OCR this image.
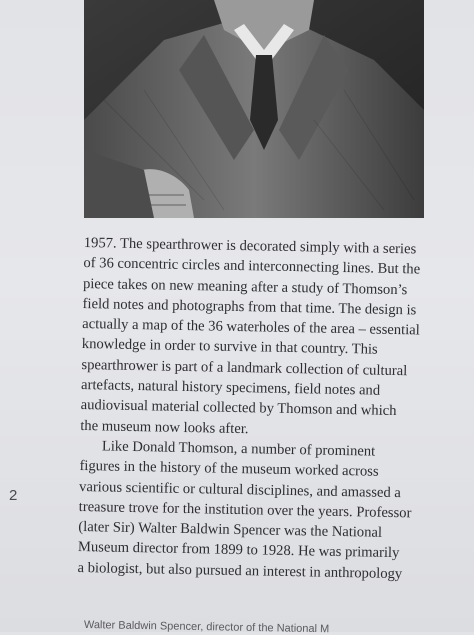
1957. The spearthrower is decorated simply with a series
of 36 concentric circles and interconnecting lines. But the
piece takes on new meaning after a study of Thomson’s
field notes and photographs from that time. The design is
actually a map of the 36 waterholes of the area – essential
knowledge in order to survive in that country. This
spearthrower is part of a landmark collection of cultural
artefacts, natural history specimens, field notes and
audiovisual material collected by Thomson and which
the museum now looks after.
Like Donald Thomson, a number of prominent
figures in the history of the museum worked across
various scientific or cultural disciplines, and amassed a
treasure trove for the institution over the years. Professor
(later Sir) Walter Baldwin Spencer was the National
Museum director from 1899 to 1928. He was primarily
a biologist, but also pursued an interest in anthropology
2
Walter Baldwin Spencer, director of the National M
